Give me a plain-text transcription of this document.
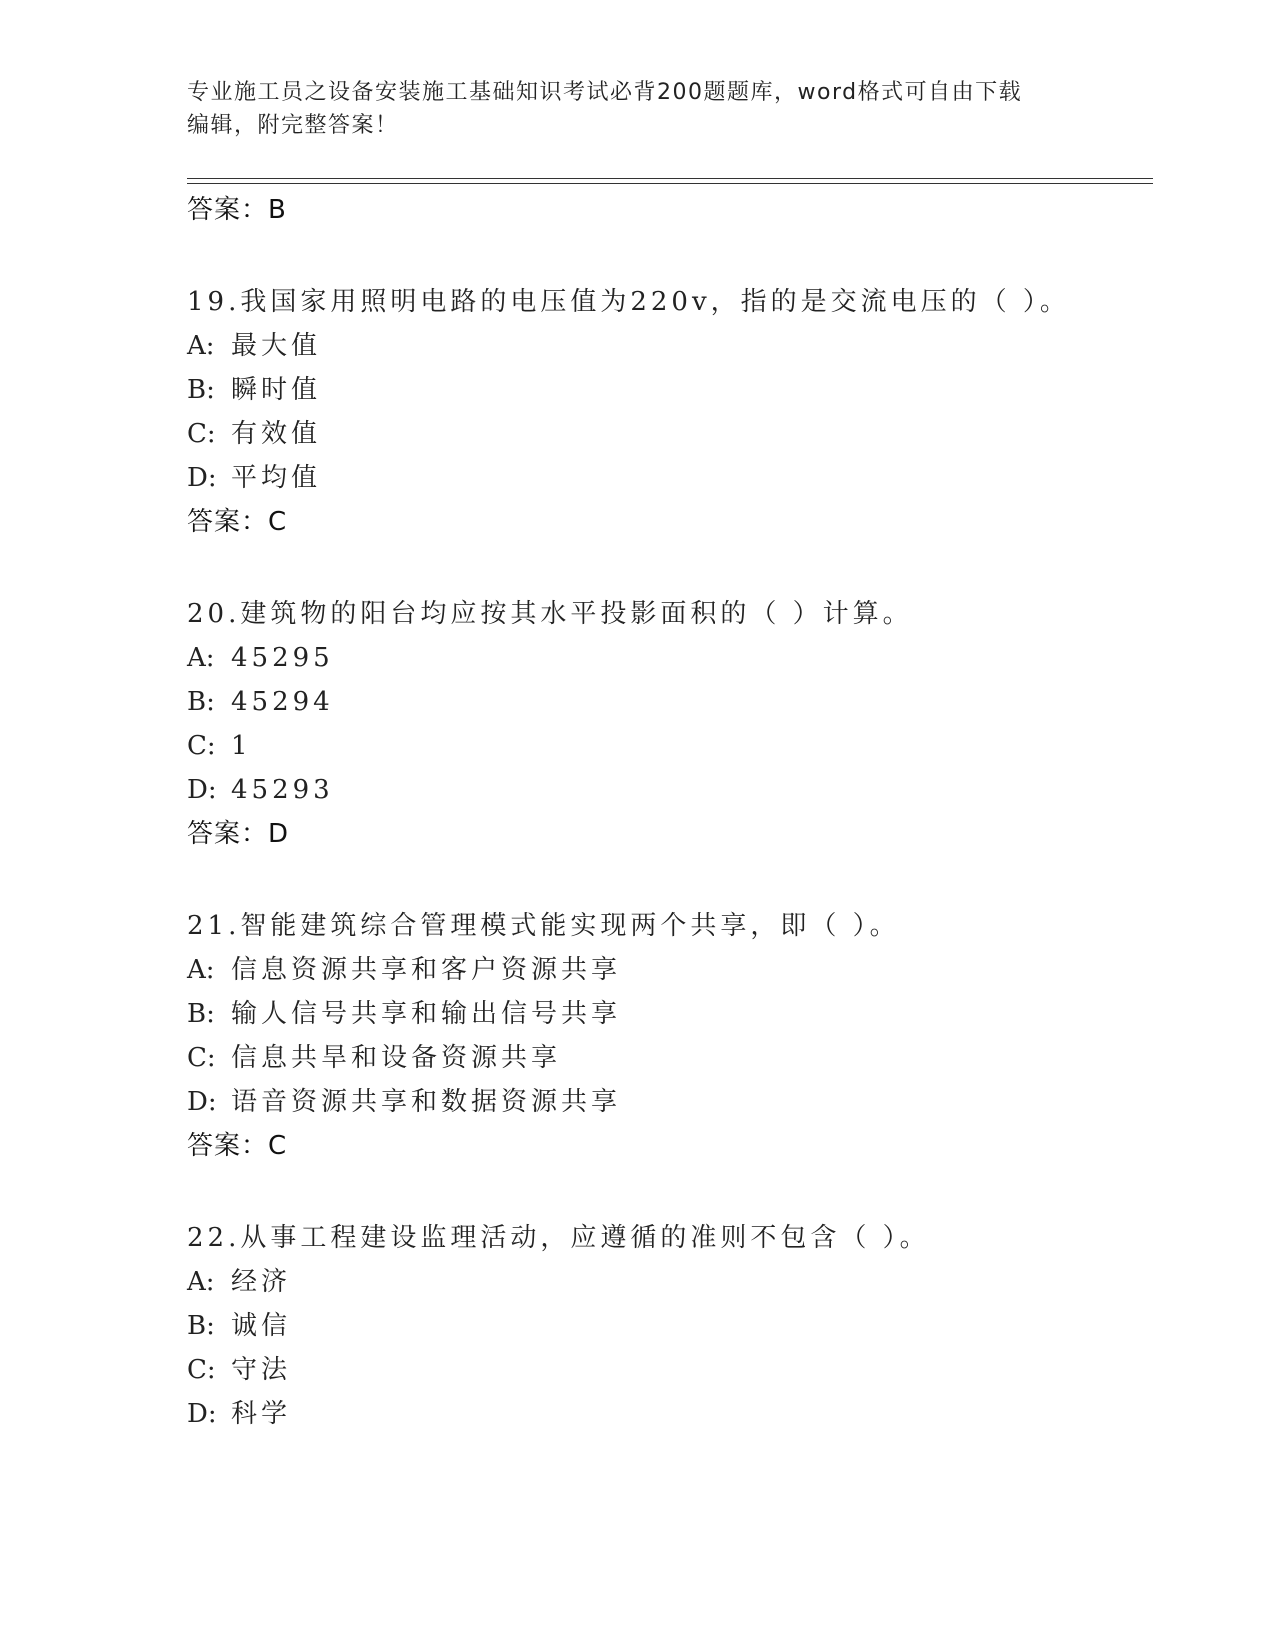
专业施工员之设备安装施工基础知识考试必背200题题库，word格式可自由下载
编辑，附完整答案！
答案：B
19.我国家用照明电路的电压值为220v，指的是交流电压的（ ）。
A: 最大值
B: 瞬时值
C: 有效值
D: 平均值
答案：C
20.建筑物的阳台均应按其水平投影面积的（ ）计算。
A: 45295
B: 45294
C: 1
D: 45293
答案：D
21.智能建筑综合管理模式能实现两个共享，即（ ）。
A: 信息资源共享和客户资源共享
B: 输人信号共享和输出信号共享
C: 信息共旱和设备资源共享
D: 语音资源共享和数据资源共享
答案：C
22.从事工程建设监理活动，应遵循的准则不包含（ ）。
A: 经济
B: 诚信
C: 守法
D: 科学
